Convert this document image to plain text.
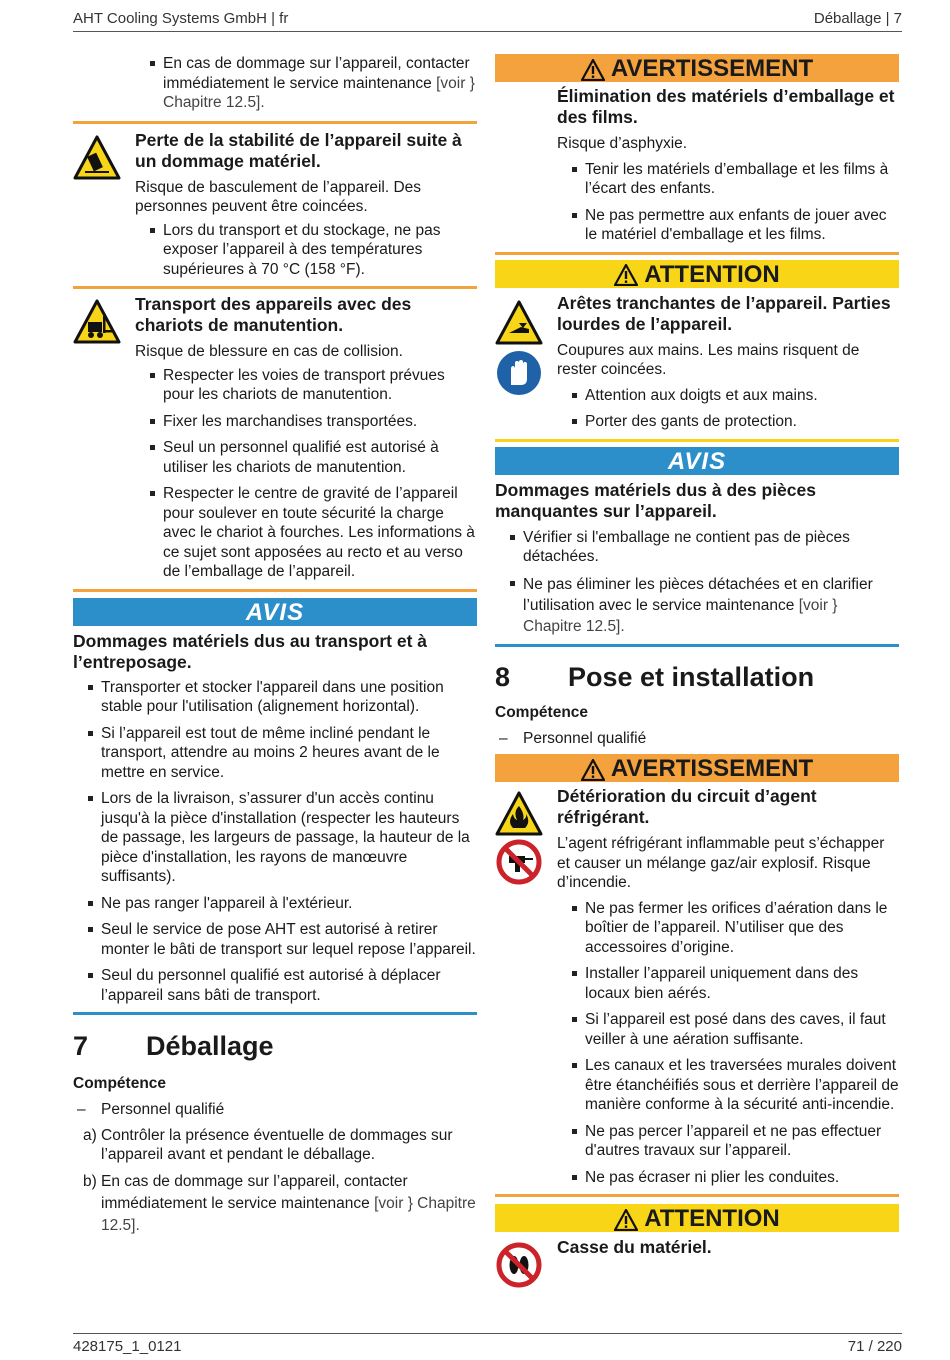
AHT Cooling Systems GmbH | fr	Déballage | 7
En cas de dommage sur l’appareil, contacter immédiatement le service maintenance [voir } Chapitre 12.5].

Perte de la stabilité de l’appareil suite à un dommage matériel.

Risque de basculement de l’appareil. Des personnes peuvent être coincées.

Lors du transport et du stockage, ne pas exposer l’appareil à des températures supérieures à 70 °C (158 °F).

Transport des appareils avec des chariots de manutention.

Risque de blessure en cas de collision.

Respecter les voies de transport prévues pour les chariots de manutention.
Fixer les marchandises transportées.
Seul un personnel qualifié est autorisé à utiliser les chariots de manutention.
Respecter le centre de gravité de l’appareil pour soulever en toute sécurité la charge avec le chariot à fourches. Les informations à ce sujet sont apposées au recto et au verso de l’emballage de l’appareil.
AVIS

Dommages matériels dus au transport et à l’entreposage.

Transporter et stocker l'appareil dans une position stable pour l'utilisation (alignement horizontal).
Si l’appareil est tout de même incliné pendant le transport, attendre au moins 2 heures avant de le mettre en service.
Lors de la livraison, s’assurer d'un accès continu jusqu'à la pièce d'installation (respecter les hauteurs de passage, les largeurs de passage, la hauteur de la pièce d'installation, les rayons de manœuvre suffisants).
Ne pas ranger l'appareil à l'extérieur.
Seul le service de pose AHT est autorisé à retirer monter le bâti de transport sur lequel repose l’appareil.
Seul du personnel qualifié est autorisé à déplacer l’appareil sans bâti de transport.
7 Déballage

Compétence

– Personnel qualifié

a) Contrôler la présence éventuelle de dommages sur l’appareil avant et pendant le déballage.
b) En cas de dommage sur l’appareil, contacter immédiatement le service maintenance [voir } Chapitre 12.5].
AVERTISSEMENT

Élimination des matériels d’emballage et des films.

Risque d’asphyxie.

Tenir les matériels d’emballage et les films à l’écart des enfants.
Ne pas permettre aux enfants de jouer avec le matériel d'emballage et les films.
ATTENTION

Arêtes tranchantes de l’appareil. Parties lourdes de l’appareil.

Coupures aux mains. Les mains risquent de rester coincées.

Attention aux doigts et aux mains.
Porter des gants de protection.
AVIS

Dommages matériels dus à des pièces manquantes sur l’appareil.

Vérifier si l'emballage ne contient pas de pièces détachées.
Ne pas éliminer les pièces détachées et en clarifier l’utilisation avec le service maintenance [voir } Chapitre 12.5].
8 Pose et installation

Compétence

– Personnel qualifié

AVERTISSEMENT

Détérioration du circuit d’agent réfrigérant.

L’agent réfrigérant inflammable peut s’échapper et causer un mélange gaz/air explosif. Risque d’incendie.

Ne pas fermer les orifices d’aération dans le boîtier de l’appareil. N’utiliser que des accessoires d’origine.
Installer l’appareil uniquement dans des locaux bien aérés.
Si l’appareil est posé dans des caves, il faut veiller à une aération suffisante.
Les canaux et les traversées murales doivent être étanchéifiés sous et derrière l’appareil de manière conforme à la sécurité anti-incendie.
Ne pas percer l’appareil et ne pas effectuer d'autres travaux sur l’appareil.
Ne pas écraser ni plier les conduites.
ATTENTION

Casse du matériel.

428175_1_0121	71 / 220
